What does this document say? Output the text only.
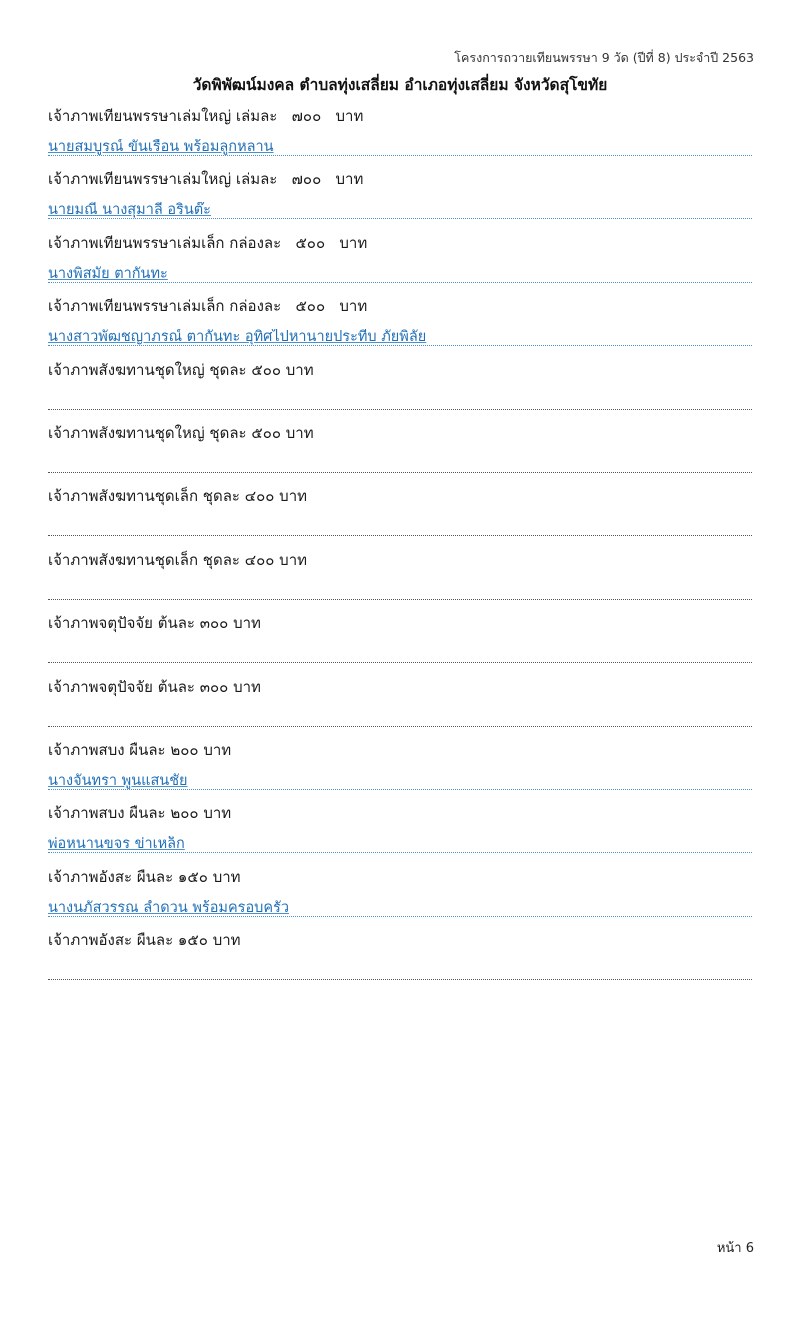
โครงการถวายเทียนพรรษา 9 วัด (ปีที่ 8) ประจำปี 2563
วัดพิพัฒน์มงคล ตำบลทุ่งเสลี่ยม อำเภอทุ่งเสลี่ยม จังหวัดสุโขทัย
เจ้าภาพเทียนพรรษาเล่มใหญ่ เล่มละ   ๗๐๐   บาท
นายสมบูรณ์ ขันเรือน พร้อมลูกหลาน
เจ้าภาพเทียนพรรษาเล่มใหญ่ เล่มละ   ๗๐๐   บาท
นายมณี นางสุมาลี อรินต๊ะ
เจ้าภาพเทียนพรรษาเล่มเล็ก กล่องละ   ๕๐๐   บาท
นางพิสมัย ตากันทะ
เจ้าภาพเทียนพรรษาเล่มเล็ก กล่องละ   ๕๐๐   บาท
นางสาวพัฒชญาภรณ์ ตากันทะ อุทิศไปหานายประทีบ ภัยพิลัย
เจ้าภาพสังฆทานชุดใหญ่ ชุดละ ๕๐๐ บาท
เจ้าภาพสังฆทานชุดใหญ่ ชุดละ ๕๐๐ บาท
เจ้าภาพสังฆทานชุดเล็ก ชุดละ ๔๐๐ บาท
เจ้าภาพสังฆทานชุดเล็ก ชุดละ ๔๐๐ บาท
เจ้าภาพจตุปัจจัย ต้นละ ๓๐๐ บาท
เจ้าภาพจตุปัจจัย ต้นละ ๓๐๐ บาท
เจ้าภาพสบง ผืนละ ๒๐๐ บาท
นางจันทรา พูนแสนชัย
เจ้าภาพสบง ผืนละ ๒๐๐ บาท
พ่อหนานขจร ข่าเหล็ก
เจ้าภาพอังสะ ผืนละ ๑๕๐ บาท
นางนภัสวรรณ ลำดวน พร้อมครอบครัว
เจ้าภาพอังสะ ผืนละ ๑๕๐ บาท
หน้า 6
